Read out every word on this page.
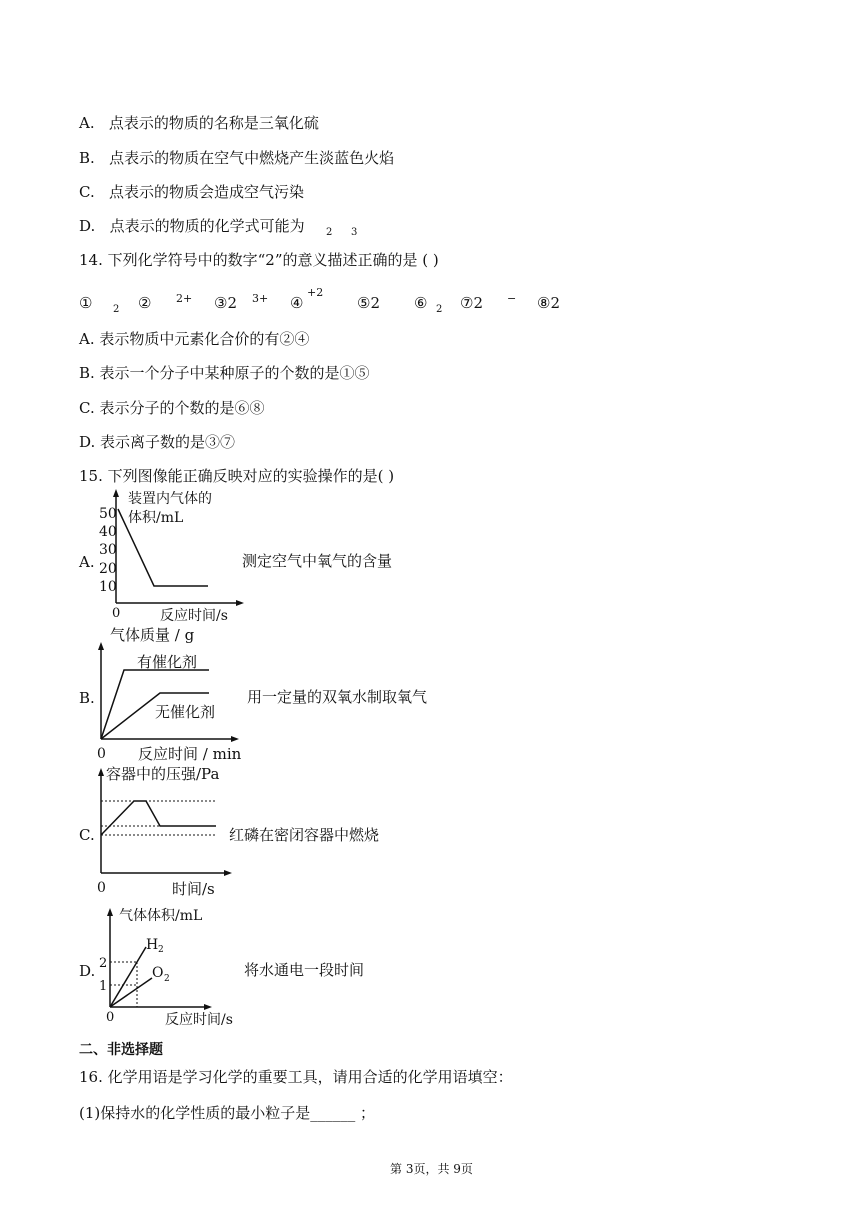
A. 点表示的物质的名称是三氧化硫
B. 点表示的物质在空气中燃烧产生淡蓝色火焰
C. 点表示的物质会造成空气污染
D. 点表示的物质的化学式可能为 2 3
14. 下列化学符号中的数字“2”的意义描述正确的是 ( )
① 2 ② 2+ ③2 3+ ④
+2
⑤2 ⑥ 2 ⑦2 − ⑧2
A. 表示物质中元素化合价的有②④
B. 表示一个分子中某种原子的个数的是①⑤
C. 表示分子的个数的是⑥⑧
D. 表示离子数的是③⑦
15. 下列图像能正确反映对应的实验操作的是( )
A.
50
40
30
20
10
0
装置内气体的
体积/mL
反应时间/s
测定空气中氧气的含量
B.
气体质量 / g
有催化剂
无催化剂
0 反应时间 / min
用一定量的双氧水制取氧气
C.
容器中的压强/Pa
0	时间/s
红磷在密闭容器中燃烧
D.
气体体积/mL
2
1
H 2
O 2
0	反应时间/s
将水通电一段时间
二、非选择题
16. 化学用语是学习化学的重要工具，请用合适的化学用语填空：
(1)保持水的化学性质的最小粒子是______ ；
第 3页，共 9页
